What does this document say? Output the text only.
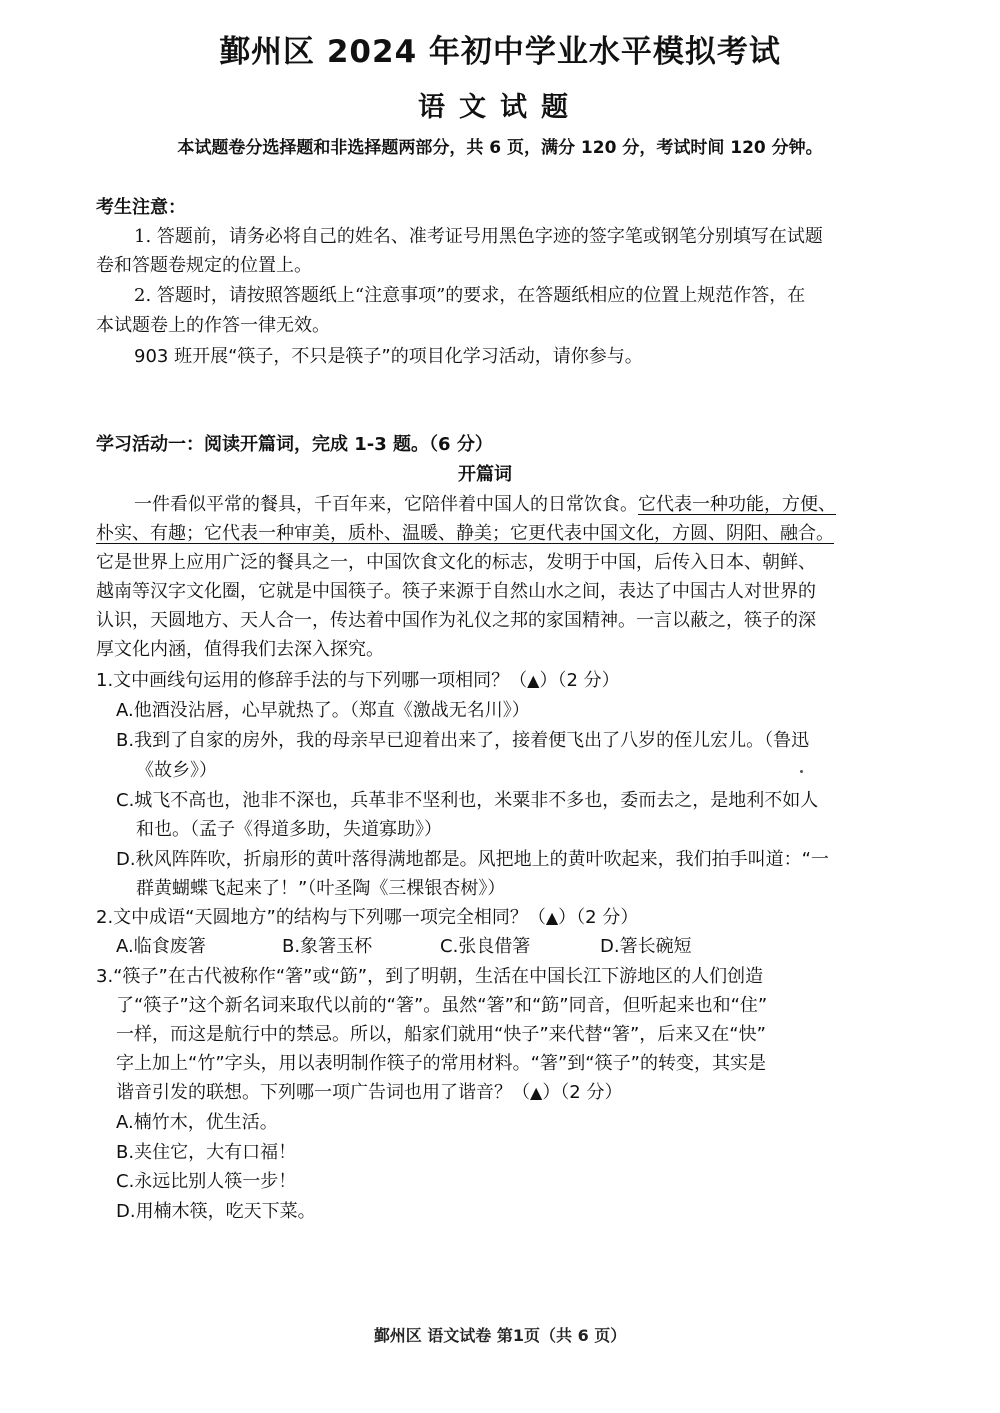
鄞州区 2024 年初中学业水平模拟考试
语文试题
本试题卷分选择题和非选择题两部分，共 6 页，满分 120 分，考试时间 120 分钟。
考生注意：
1. 答题前，请务必将自己的姓名、准考证号用黑色字迹的签字笔或钢笔分别填写在试题
卷和答题卷规定的位置上。
2. 答题时，请按照答题纸上“注意事项”的要求，在答题纸相应的位置上规范作答，在
本试题卷上的作答一律无效。
903 班开展“筷子，不只是筷子”的项目化学习活动，请你参与。
学习活动一：阅读开篇词，完成 1-3 题。（6 分）
开篇词
一件看似平常的餐具，千百年来，它陪伴着中国人的日常饮食。它代表一种功能，方便、
朴实、有趣；它代表一种审美，质朴、温暖、静美；它更代表中国文化，方圆、阴阳、融合。
它是世界上应用广泛的餐具之一，中国饮食文化的标志，发明于中国，后传入日本、朝鲜、
越南等汉字文化圈，它就是中国筷子。筷子来源于自然山水之间，表达了中国古人对世界的
认识，天圆地方、天人合一，传达着中国作为礼仪之邦的家国精神。一言以蔽之，筷子的深
厚文化内涵，值得我们去深入探究。
1.文中画线句运用的修辞手法的与下列哪一项相同？（▲）（2 分）
A.他酒没沾唇，心早就热了。（郑直《激战无名川》）
B.我到了自家的房外，我的母亲早已迎着出来了，接着便飞出了八岁的侄儿宏儿。（鲁迅
《故乡》）
C.城飞不高也，池非不深也，兵革非不坚利也，米粟非不多也，委而去之，是地利不如人
和也。（孟子《得道多助，失道寡助》）
D.秋风阵阵吹，折扇形的黄叶落得满地都是。风把地上的黄叶吹起来，我们拍手叫道：“一
群黄蝴蝶飞起来了！”（叶圣陶《三棵银杏树》）
2.文中成语“天圆地方”的结构与下列哪一项完全相同？（▲）（2 分）
A.临食废箸	B.象箸玉杯	C.张良借箸	D.箸长碗短
3.“筷子”在古代被称作“箸”或“筯”，到了明朝，生活在中国长江下游地区的人们创造
了“筷子”这个新名词来取代以前的“箸”。虽然“箸”和“筯”同音，但听起来也和“住”
一样，而这是航行中的禁忌。所以，船家们就用“快子”来代替“箸”，后来又在“快”
字上加上“竹”字头，用以表明制作筷子的常用材料。“箸”到“筷子”的转变，其实是
谐音引发的联想。下列哪一项广告词也用了谐音？（▲）（2 分）
A.楠竹木，优生活。
B.夹住它，大有口福！
C.永远比别人筷一步！
D.用楠木筷，吃天下菜。
鄞州区 语文试卷 第1页（共 6 页）
